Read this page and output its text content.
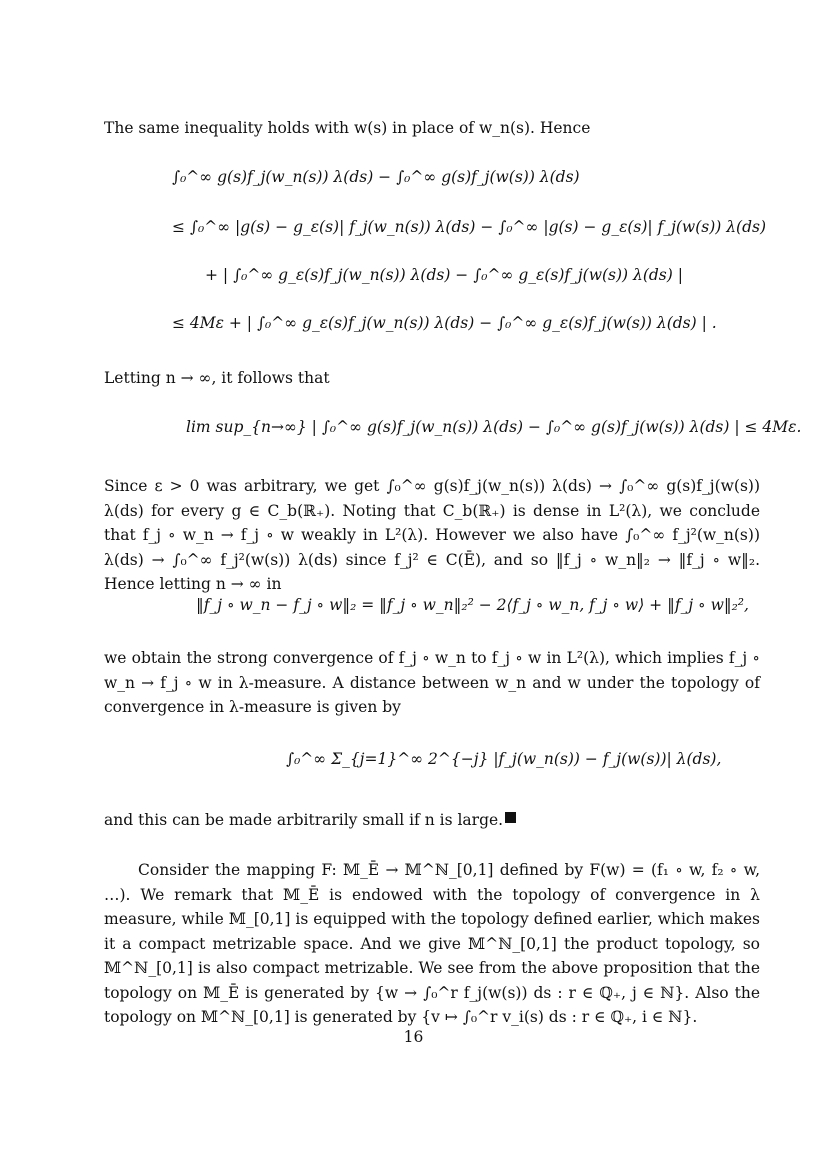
The same inequality holds with w(s) in place of w_n(s). Hence
∫₀^∞ g(s)f_j(w_n(s)) λ(ds) − ∫₀^∞ g(s)f_j(w(s)) λ(ds)
≤ ∫₀^∞ |g(s) − g_ε(s)| f_j(w_n(s)) λ(ds) − ∫₀^∞ |g(s) − g_ε(s)| f_j(w(s)) λ(ds)
+ | ∫₀^∞ g_ε(s)f_j(w_n(s)) λ(ds) − ∫₀^∞ g_ε(s)f_j(w(s)) λ(ds) |
≤ 4Mε + | ∫₀^∞ g_ε(s)f_j(w_n(s)) λ(ds) − ∫₀^∞ g_ε(s)f_j(w(s)) λ(ds) | .
Letting n → ∞, it follows that
lim sup_{n→∞} | ∫₀^∞ g(s)f_j(w_n(s)) λ(ds) − ∫₀^∞ g(s)f_j(w(s)) λ(ds) | ≤ 4Mε.
Since ε > 0 was arbitrary, we get ∫₀^∞ g(s)f_j(w_n(s)) λ(ds) → ∫₀^∞ g(s)f_j(w(s)) λ(ds) for every g ∈ C_b(ℝ₊). Noting that C_b(ℝ₊) is dense in L²(λ), we conclude that f_j ∘ w_n → f_j ∘ w weakly in L²(λ). However we also have ∫₀^∞ f_j²(w_n(s)) λ(ds) → ∫₀^∞ f_j²(w(s)) λ(ds) since f_j² ∈ C(Ē), and so ‖f_j ∘ w_n‖₂ → ‖f_j ∘ w‖₂. Hence letting n → ∞ in
‖f_j ∘ w_n − f_j ∘ w‖₂ = ‖f_j ∘ w_n‖₂² − 2⟨f_j ∘ w_n, f_j ∘ w⟩ + ‖f_j ∘ w‖₂²,
we obtain the strong convergence of f_j ∘ w_n to f_j ∘ w in L²(λ), which implies f_j ∘ w_n → f_j ∘ w in λ-measure. A distance between w_n and w under the topology of convergence in λ-measure is given by
∫₀^∞ Σ_{j=1}^∞ 2^{−j} |f_j(w_n(s)) − f_j(w(s))| λ(ds),
and this can be made arbitrarily small if n is large.
Consider the mapping F: 𝕄_Ē → 𝕄^ℕ_[0,1] defined by F(w) = (f₁ ∘ w, f₂ ∘ w, …). We remark that 𝕄_Ē is endowed with the topology of convergence in λ measure, while 𝕄_[0,1] is equipped with the topology defined earlier, which makes it a compact metrizable space. And we give 𝕄^ℕ_[0,1] the product topology, so 𝕄^ℕ_[0,1] is also compact metrizable. We see from the above proposition that the topology on 𝕄_Ē is generated by {w → ∫₀^r f_j(w(s)) ds : r ∈ ℚ₊, j ∈ ℕ}. Also the topology on 𝕄^ℕ_[0,1] is generated by {v ↦ ∫₀^r v_i(s) ds : r ∈ ℚ₊, i ∈ ℕ}.
16
